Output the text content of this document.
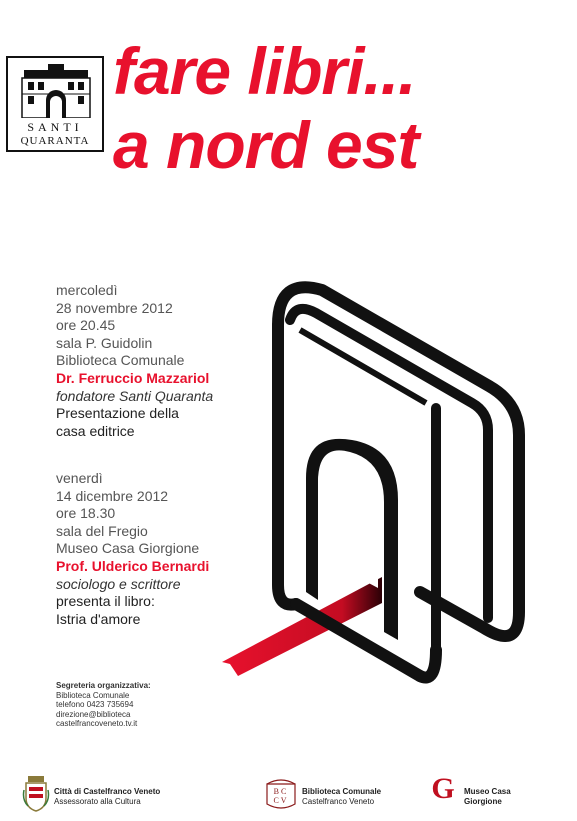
SANTI
QUARANTA
fare libri...
a nord est
mercoledì
28 novembre 2012
ore 20.45
sala P. Guidolin
Biblioteca Comunale
Dr. Ferruccio Mazzariol
fondatore Santi Quaranta
Presentazione della
casa editrice
venerdì
14 dicembre 2012
ore 18.30
sala del Fregio
Museo Casa Giorgione
Prof. Ulderico Bernardi
sociologo e scrittore
presenta il libro:
Istria d'amore
Segreteria organizzativa:
Biblioteca Comunale
telefono 0423 735694
direzione@biblioteca
castelfrancoveneto.tv.it
Città di Castelfranco Veneto
Assessorato alla Cultura
BC
CV
Biblioteca Comunale
Castelfranco Veneto G	Museo Casa
Giorgione
